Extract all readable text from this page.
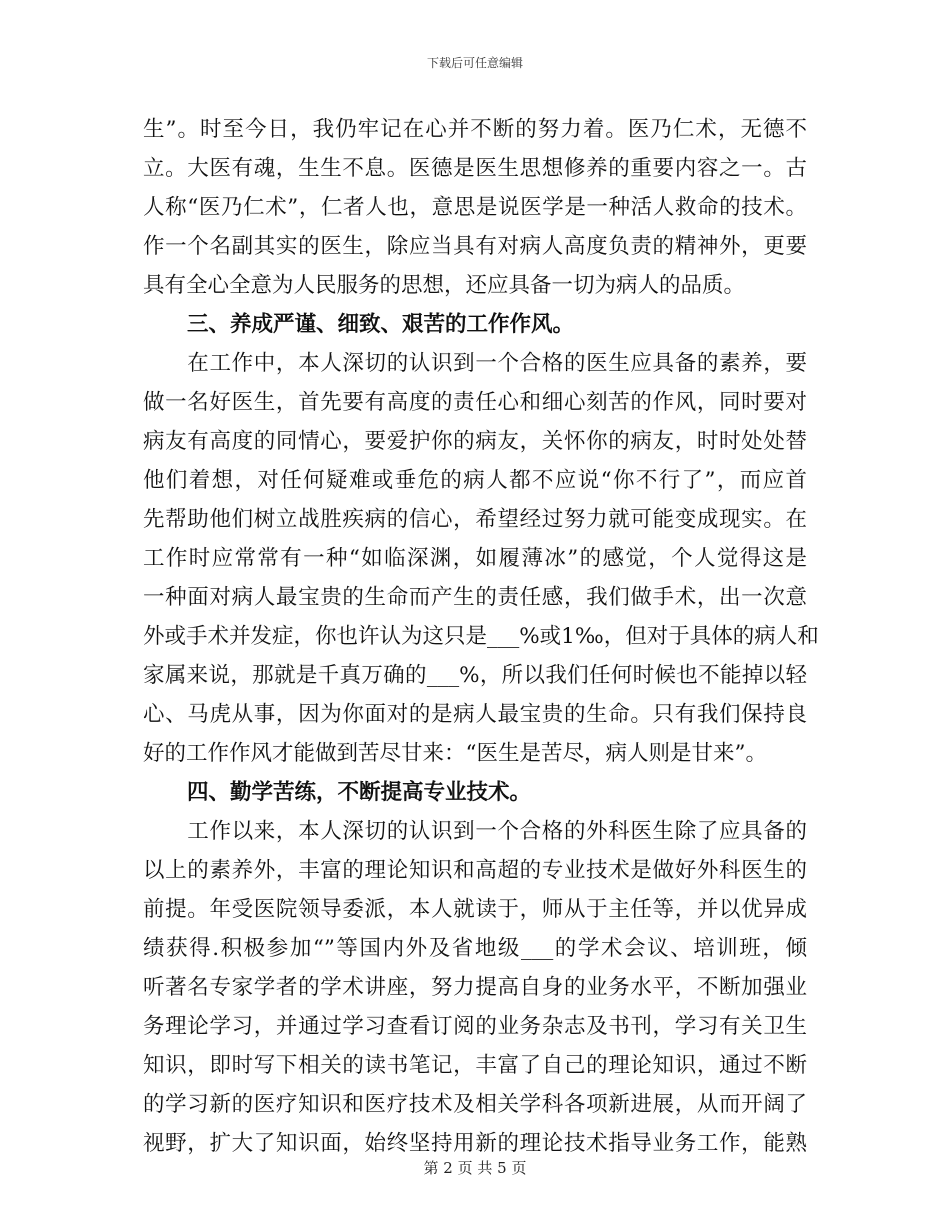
下载后可任意编辑
生”。时至今日，我仍牢记在心并不断的努力着。医乃仁术，无德不
立。大医有魂，生生不息。医德是医生思想修养的重要内容之一。古
人称“医乃仁术”，仁者人也，意思是说医学是一种活人救命的技术。
作一个名副其实的医生，除应当具有对病人高度负责的精神外，更要
具有全心全意为人民服务的思想，还应具备一切为病人的品质。
三、养成严谨、细致、艰苦的工作作风。
　　在工作中，本人深切的认识到一个合格的医生应具备的素养，要
做一名好医生，首先要有高度的责任心和细心刻苦的作风，同时要对
病友有高度的同情心，要爱护你的病友，关怀你的病友，时时处处替
他们着想，对任何疑难或垂危的病人都不应说“你不行了”，而应首
先帮助他们树立战胜疾病的信心，希望经过努力就可能变成现实。在
工作时应常常有一种“如临深渊，如履薄冰”的感觉，个人觉得这是
一种面对病人最宝贵的生命而产生的责任感，我们做手术，出一次意
外或手术并发症，你也许认为这只是___%或1‰，但对于具体的病人和
家属来说，那就是千真万确的___%，所以我们任何时候也不能掉以轻
心、马虎从事，因为你面对的是病人最宝贵的生命。只有我们保持良
好的工作作风才能做到苦尽甘来：“医生是苦尽，病人则是甘来”。
四、勤学苦练，不断提高专业技术。
　　工作以来，本人深切的认识到一个合格的外科医生除了应具备的
以上的素养外，丰富的理论知识和高超的专业技术是做好外科医生的
前提。年受医院领导委派，本人就读于，师从于主任等，并以优异成
绩获得.积极参加“”等国内外及省地级___的学术会议、培训班，倾
听著名专家学者的学术讲座，努力提高自身的业务水平，不断加强业
务理论学习，并通过学习查看订阅的业务杂志及书刊，学习有关卫生
知识，即时写下相关的读书笔记，丰富了自己的理论知识，通过不断
的学习新的医疗知识和医疗技术及相关学科各项新进展，从而开阔了
视野，扩大了知识面，始终坚持用新的理论技术指导业务工作，能熟
第 2 页 共 5 页
